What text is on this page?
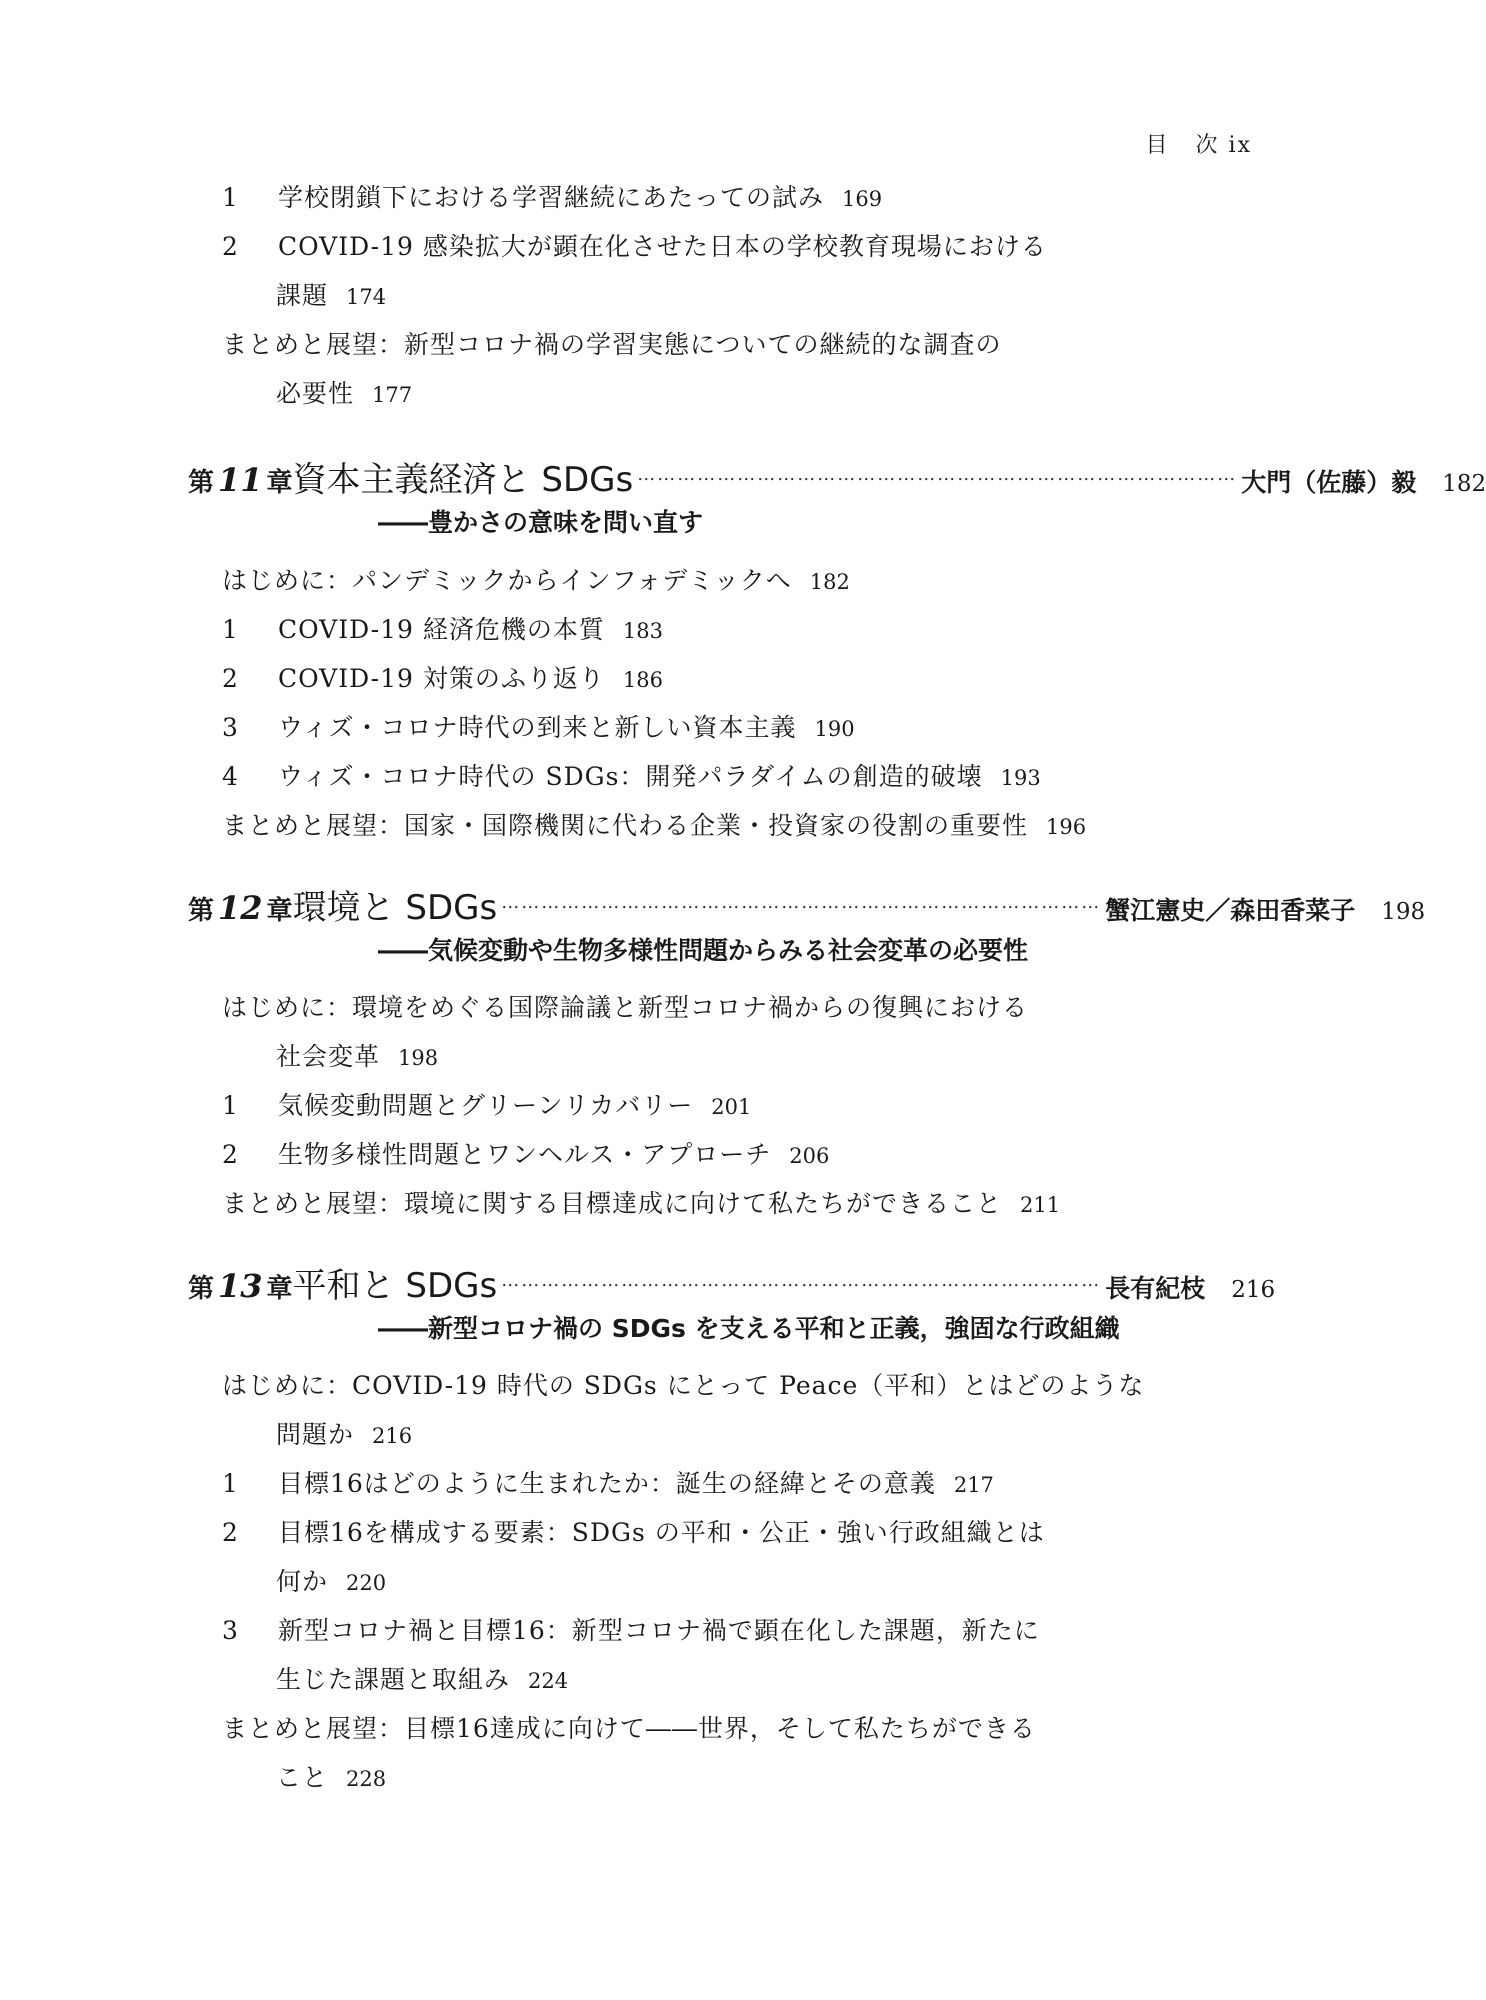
目 次 ix
1 学校閉鎖下における学習継続にあたっての試み 169
2 COVID-19 感染拡大が顕在化させた日本の学校教育現場における
課題 174
まとめと展望：新型コロナ禍の学習実態についての継続的な調査の
必要性 177
第 11 章 資本主義経済と SDGs ……………………………………………………………………………… 大門（佐藤）毅 182
――豊かさの意味を問い直す
はじめに：パンデミックからインフォデミックへ 182
1 COVID-19 経済危機の本質 183
2 COVID-19 対策のふり返り 186
3 ウィズ・コロナ時代の到来と新しい資本主義 190
4 ウィズ・コロナ時代の SDGs：開発パラダイムの創造的破壊 193
まとめと展望：国家・国際機関に代わる企業・投資家の役割の重要性 196
第 12 章 環境と SDGs ……………………………………………………………………………… 蟹江憲史／森田香菜子 198
――気候変動や生物多様性問題からみる社会変革の必要性
はじめに：環境をめぐる国際論議と新型コロナ禍からの復興における
社会変革 198
1 気候変動問題とグリーンリカバリー 201
2 生物多様性問題とワンヘルス・アプローチ 206
まとめと展望：環境に関する目標達成に向けて私たちができること 211
第 13 章 平和と SDGs ……………………………………………………………………………… 長有紀枝 216
――新型コロナ禍の SDGs を支える平和と正義，強固な行政組織
はじめに：COVID-19 時代の SDGs にとって Peace（平和）とはどのような
問題か 216
1 目標16はどのように生まれたか：誕生の経緯とその意義 217
2 目標16を構成する要素：SDGs の平和・公正・強い行政組織とは
何か 220
3 新型コロナ禍と目標16：新型コロナ禍で顕在化した課題，新たに
生じた課題と取組み 224
まとめと展望：目標16達成に向けて――世界，そして私たちができる
こと 228
